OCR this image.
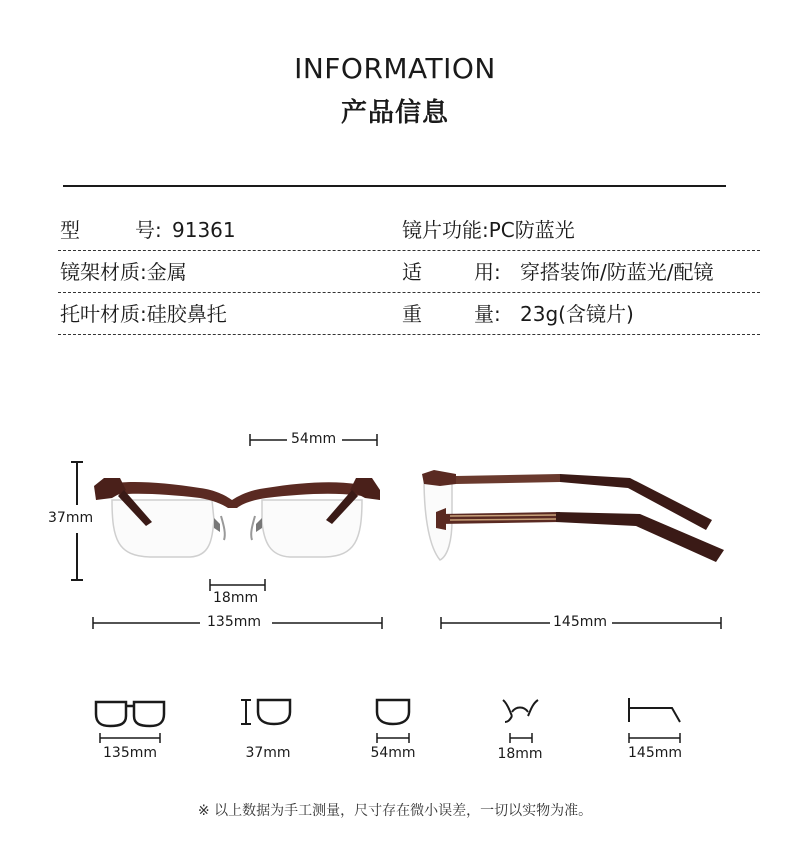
INFORMATION
产品信息
型	号: 91361	镜片功能:PC防蓝光
镜架材质:金属	适	用: 穿搭装饰/防蓝光/配镜
托叶材质:硅胶鼻托	重	量: 23g(含镜片)
54mm
37mm
18mm
135mm	145mm
135mm	37mm	54mm	18mm	145mm
※ 以上数据为手工测量，尺寸存在微小误差，一切以实物为准。
